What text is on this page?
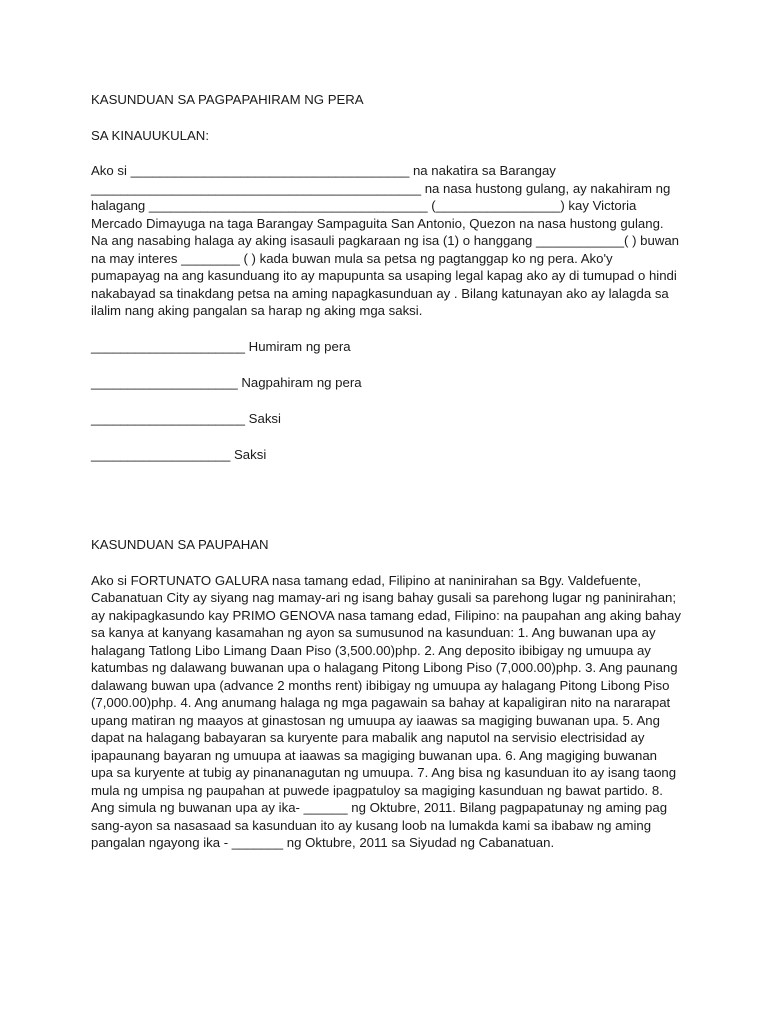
KASUNDUAN SA PAGPAPAHIRAM NG PERA
SA KINAUUKULAN:
Ako si ______________________________________ na nakatira sa Barangay _____________________________________________ na nasa hustong gulang, ay nakahiram ng halagang ______________________________________ (_________________) kay Victoria Mercado Dimayuga na taga Barangay Sampaguita San Antonio, Quezon na nasa hustong gulang. Na ang nasabing halaga ay aking isasauli pagkaraan ng isa (1) o hanggang ____________( ) buwan na may interes ________ ( ) kada buwan mula sa petsa ng pagtanggap ko ng pera. Ako'y pumapayag na ang kasunduang ito ay mapupunta sa usaping legal kapag ako ay di tumupad o hindi nakabayad sa tinakdang petsa na aming napagkasunduan ay . Bilang katunayan ako ay lalagda sa ilalim nang aking pangalan sa harap ng aking mga saksi.
_____________________ Humiram ng pera
____________________ Nagpahiram ng pera
_____________________ Saksi
___________________ Saksi
KASUNDUAN SA PAUPAHAN
Ako si FORTUNATO GALURA nasa tamang edad, Filipino at naninirahan sa Bgy. Valdefuente, Cabanatuan City ay siyang nag mamay-ari ng isang bahay gusali sa parehong lugar ng paninirahan; ay nakipagkasundo kay PRIMO GENOVA nasa tamang edad, Filipino: na paupahan ang aking bahay sa kanya at kanyang kasamahan ng ayon sa sumusunod na kasunduan: 1. Ang buwanan upa ay halagang Tatlong Libo Limang Daan Piso (3,500.00)php. 2. Ang deposito ibibigay ng umuupa ay katumbas ng dalawang buwanan upa o halagang Pitong Libong Piso (7,000.00)php. 3. Ang paunang dalawang buwan upa (advance 2 months rent) ibibigay ng umuupa ay halagang Pitong Libong Piso (7,000.00)php. 4. Ang anumang halaga ng mga pagawain sa bahay at kapaligiran nito na nararapat upang matiran ng maayos at ginastosan ng umuupa ay iaawas sa magiging buwanan upa. 5. Ang dapat na halagang babayaran sa kuryente para mabalik ang naputol na servisio electrisidad ay ipapaunang bayaran ng umuupa at iaawas sa magiging buwanan upa. 6. Ang magiging buwanan upa sa kuryente at tubig ay pinananagutan ng umuupa. 7. Ang bisa ng kasunduan ito ay isang taong mula ng umpisa ng paupahan at puwede ipagpatuloy sa magiging kasunduan ng bawat partido. 8. Ang simula ng buwanan upa ay ika- ______ ng Oktubre, 2011. Bilang pagpapatunay ng aming pag sang-ayon sa nasasaad sa kasunduan ito ay kusang loob na lumakda kami sa ibabaw ng aming pangalan ngayong ika - _______ ng Oktubre, 2011 sa Siyudad ng Cabanatuan.
